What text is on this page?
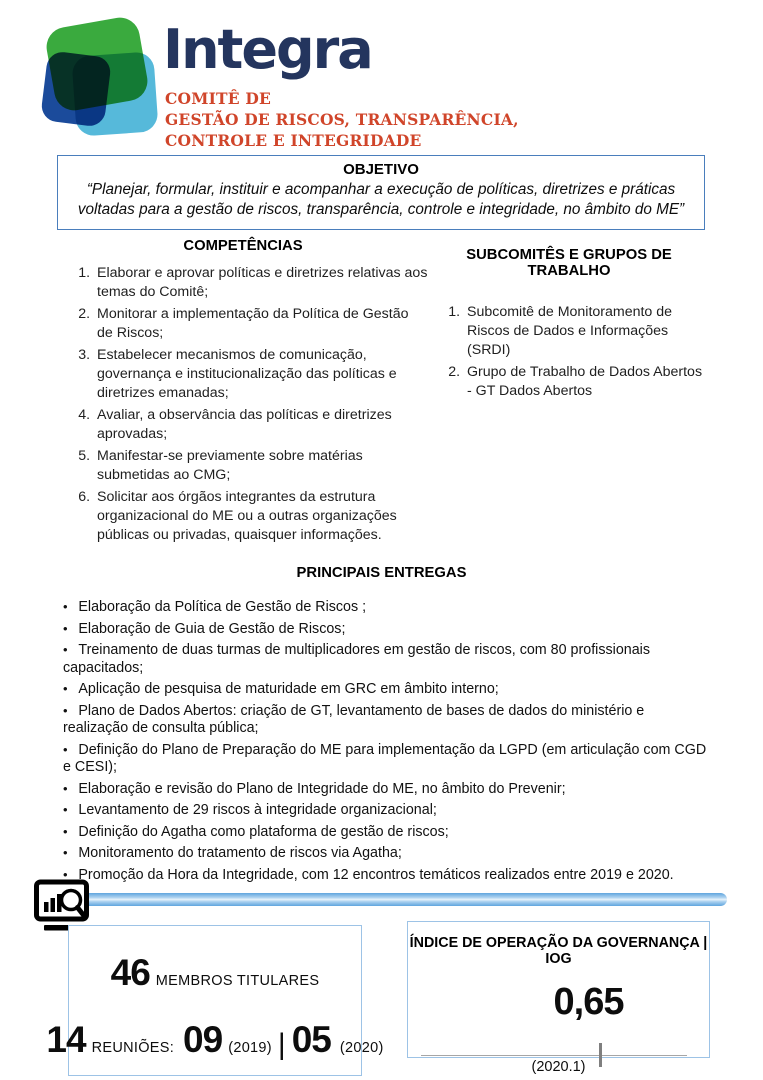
Integra
COMITÊ DE
GESTÃO DE RISCOS, TRANSPARÊNCIA,
CONTROLE E INTEGRIDADE
OBJETIVO
“Planejar, formular, instituir e acompanhar a execução de políticas, diretrizes e práticas voltadas para a gestão de riscos, transparência, controle e integridade, no âmbito do ME”
COMPETÊNCIAS
1. Elaborar e aprovar políticas e diretrizes relativas aos temas do Comitê;
2. Monitorar a implementação da Política de Gestão de Riscos;
3. Estabelecer mecanismos de comunicação, governança e institucionalização das políticas e diretrizes emanadas;
4. Avaliar, a observância das políticas e diretrizes aprovadas;
5. Manifestar-se previamente sobre matérias submetidas ao CMG;
6. Solicitar aos órgãos integrantes da estrutura organizacional do ME ou a outras organizações públicas ou privadas, quaisquer informações.
SUBCOMITÊS E GRUPOS DE TRABALHO
1. Subcomitê de Monitoramento de Riscos de Dados e Informações (SRDI)
2. Grupo de Trabalho de Dados Abertos - GT Dados Abertos
PRINCIPAIS ENTREGAS
•   Elaboração da Política de Gestão de Riscos ;
•   Elaboração de Guia de Gestão de Riscos;
•   Treinamento de duas turmas de multiplicadores em gestão de riscos, com 80 profissionais capacitados;
•   Aplicação de pesquisa de maturidade em GRC em âmbito interno;
•   Plano de Dados Abertos: criação de GT, levantamento de bases de dados do ministério e realização de consulta pública;
•   Definição do Plano de Preparação do ME para implementação da LGPD (em articulação com CGD e CESI);
•   Elaboração e revisão do Plano de Integridade do ME, no âmbito do Prevenir;
•   Levantamento de 29 riscos à integridade organizacional;
•   Definição do Agatha como plataforma de gestão de riscos;
•   Monitoramento do tratamento de riscos via Agatha;
•   Promoção da Hora da Integridade, com 12 encontros temáticos realizados entre 2019 e 2020.
46 MEMBROS TITULARES
14 REUNIÕES: 09 (2019) | 05 (2020)
ÍNDICE DE OPERAÇÃO DA GOVERNANÇA | IOG
0,65
(2020.1)
